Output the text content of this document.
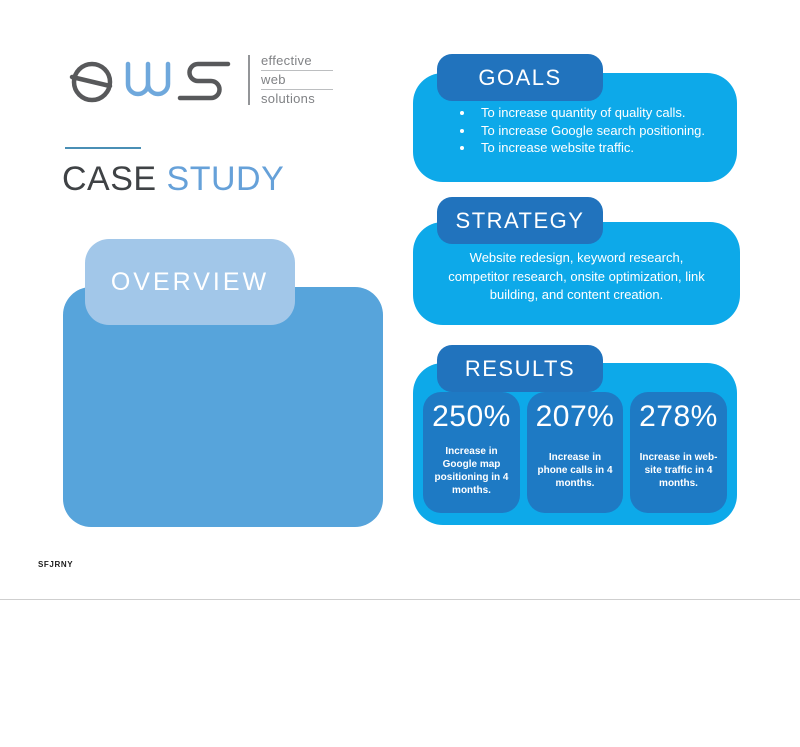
effective
web
solutions
CASE STUDY

Service provided: This is dog boarding company.

Years in business: 10 years.

Population of service area: 2.5 million

OVERVIEW
• To increase quantity of quality calls.
• To increase Google search positioning.
• To increase website traffic.
GOALS

Website redesign, keyword research, competitor research, onsite optimization, link building, and content creation.

STRATEGY
RESULTS
250%
Increase in Google map positioning in 4 months.
207%
Increase in phone calls in 4 months.
278%
Increase in web-site traffic in 4 months.
SFJRNY
